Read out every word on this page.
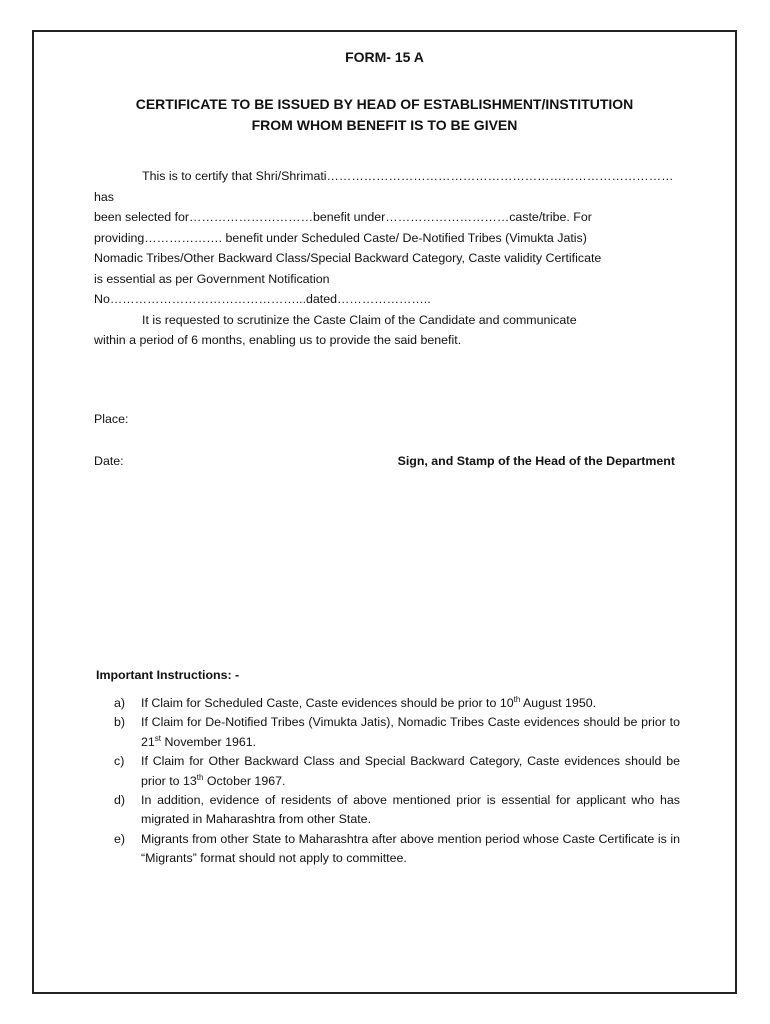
FORM- 15 A
CERTIFICATE TO BE ISSUED BY HEAD OF ESTABLISHMENT/INSTITUTION
FROM WHOM BENEFIT IS TO BE GIVEN
This is to certify that Shri/Shrimati………………………………………………………………………… has
been selected for…………………………benefit under…………………………caste/tribe. For
providing………………. benefit under Scheduled Caste/ De-Notified Tribes (Vimukta Jatis)
Nomadic Tribes/Other Backward Class/Special Backward Category, Caste validity Certificate
is essential as per Government Notification
No………………………………………...dated…………………..
It is requested to scrutinize the Caste Claim of the Candidate and communicate
within a period of 6 months, enabling us to provide the said benefit.
Place:
Date:	Sign, and Stamp of the Head of the Department
Important Instructions: -
a) If Claim for Scheduled Caste, Caste evidences should be prior to 10th August 1950.
b) If Claim for De-Notified Tribes (Vimukta Jatis), Nomadic Tribes Caste evidences should be prior to 21st November 1961.
c) If Claim for Other Backward Class and Special Backward Category, Caste evidences should be prior to 13th October 1967.
d) In addition, evidence of residents of above mentioned prior is essential for applicant who has migrated in Maharashtra from other State.
e) Migrants from other State to Maharashtra after above mention period whose Caste Certificate is in “Migrants” format should not apply to committee.
